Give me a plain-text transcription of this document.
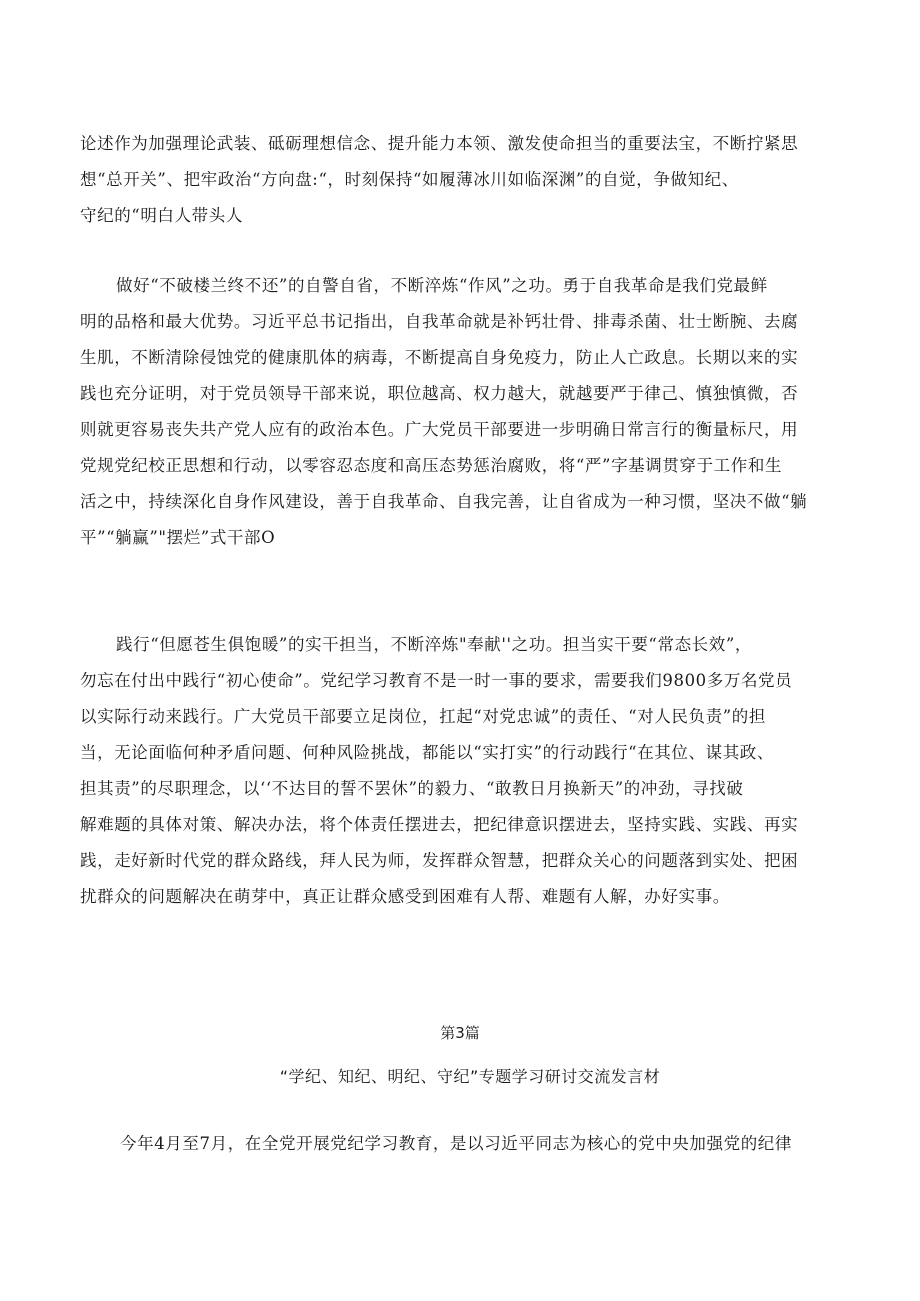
论述作为加强理论武装、砥砺理想信念、提升能力本领、激发使命担当的重要法宝，不断拧紧思
想“总开关”、把牢政治“方向盘:“，时刻保持“如履薄冰川如临深渊”的自觉，争做知纪、
守纪的“明白人带头人
做好“不破楼兰终不还”的自警自省，不断淬炼“作风”之功。勇于自我革命是我们党最鲜
明的品格和最大优势。习近平总书记指出，自我革命就是补钙壮骨、排毒杀菌、壮士断腕、去腐
生肌，不断清除侵蚀党的健康肌体的病毒，不断提高自身免疫力，防止人亡政息。长期以来的实
践也充分证明，对于党员领导干部来说，职位越高、权力越大，就越要严于律己、慎独慎微，否
则就更容易丧失共产党人应有的政治本色。广大党员干部要进一步明确日常言行的衡量标尺，用
党规党纪校正思想和行动，以零容忍态度和高压态势惩治腐败，将“严”字基调贯穿于工作和生
活之中，持续深化自身作风建设，善于自我革命、自我完善，让自省成为一种习惯，坚决不做“躺
平”“躺赢”"摆烂”式干部O
践行“但愿苍生俱饱暖”的实干担当，不断淬炼"奉献''之功。担当实干要“常态长效”，
勿忘在付出中践行“初心使命”。党纪学习教育不是一时一事的要求，需要我们9800多万名党员
以实际行动来践行。广大党员干部要立足岗位，扛起“对党忠诚”的责任、“对人民负责”的担
当，无论面临何种矛盾问题、何种风险挑战，都能以“实打实”的行动践行“在其位、谋其政、
担其责”的尽职理念，以‘‘不达目的誓不罢休”的毅力、“敢教日月换新天”的冲劲，寻找破
解难题的具体对策、解决办法，将个体责任摆进去，把纪律意识摆进去，坚持实践、实践、再实
践，走好新时代党的群众路线，拜人民为师，发挥群众智慧，把群众关心的问题落到实处、把困
扰群众的问题解决在萌芽中，真正让群众感受到困难有人帮、难题有人解，办好实事。

第3篇

“学纪、知纪、明纪、守纪”专题学习研讨交流发言材
今年4月至7月，在全党开展党纪学习教育，是以习近平同志为核心的党中央加强党的纪律
